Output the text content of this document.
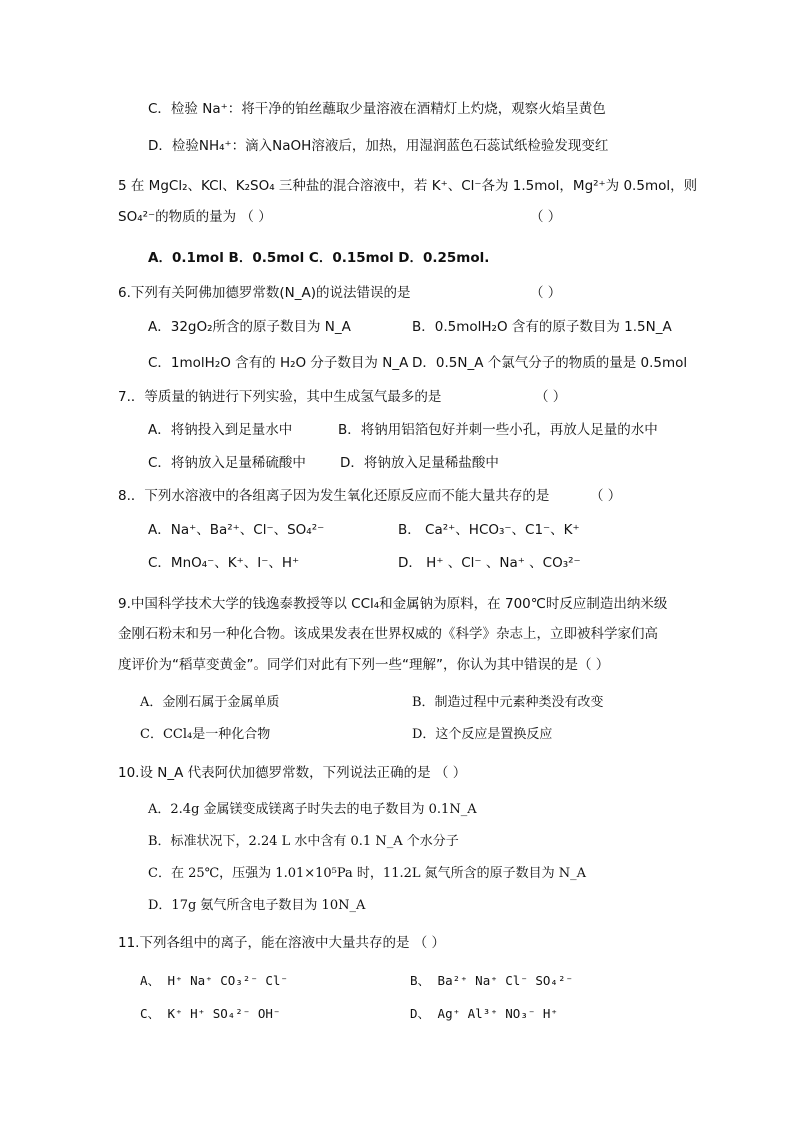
C．检验 Na⁺：将干净的铂丝蘸取少量溶液在酒精灯上灼烧，观察火焰呈黄色
D．检验NH₄⁺：滴入NaOH溶液后，加热，用湿润蓝色石蕊试纸检验发现变红
5 在 MgCl₂、KCl、K₂SO₄ 三种盐的混合溶液中，若 K⁺、Cl⁻各为 1.5mol，Mg²⁺为 0.5mol，则
SO₄²⁻的物质的量为 （ ）	（ ）
A．0.1mol B．0.5mol C．0.15mol D．0.25mol.
6.下列有关阿佛加德罗常数(N_A)的说法错误的是	（ ）
A．32gO₂所含的原子数目为 N_A	B．0.5molH₂O 含有的原子数目为 1.5N_A
C．1molH₂O 含有的 H₂O 分子数目为 N_A D．0.5N_A 个氯气分子的物质的量是 0.5mol
7.．等质量的钠进行下列实验，其中生成氢气最多的是	（ ）
A．将钠投入到足量水中	B．将钠用铝箔包好并刺一些小孔，再放人足量的水中
C．将钠放入足量稀硫酸中	D．将钠放入足量稀盐酸中
8.．下列水溶液中的各组离子因为发生氧化还原反应而不能大量共存的是	（ ）
A．Na⁺、Ba²⁺、Cl⁻、SO₄²⁻	B． Ca²⁺、HCO₃⁻、C1⁻、K⁺
C．MnO₄⁻、K⁺、I⁻、H⁺	D． H⁺ 、Cl⁻ 、Na⁺ 、CO₃²⁻
9.中国科学技术大学的钱逸泰教授等以 CCl₄和金属钠为原料，在 700℃时反应制造出纳米级
金刚石粉末和另一种化合物。该成果发表在世界权威的《科学》杂志上，立即被科学家们高
度评价为“稻草变黄金”。同学们对此有下列一些“理解”，你认为其中错误的是（ ）
A．金刚石属于金属单质	B．制造过程中元素种类没有改变
C．CCl₄是一种化合物	D．这个反应是置换反应
10.设 N_A 代表阿伏加德罗常数，下列说法正确的是 （ ）
A．2.4g 金属镁变成镁离子时失去的电子数目为 0.1N_A
B．标准状况下，2.24 L 水中含有 0.1 N_A 个水分子
C．在 25℃，压强为 1.01×10⁵Pa 时，11.2L 氮气所含的原子数目为 N_A
D．17g 氨气所含电子数目为 10N_A
11.下列各组中的离子，能在溶液中大量共存的是 （ ）
A、 H⁺ Na⁺ CO₃²⁻ Cl⁻	B、 Ba²⁺ Na⁺ Cl⁻ SO₄²⁻
C、 K⁺ H⁺ SO₄²⁻ OH⁻	D、 Ag⁺ Al³⁺ NO₃⁻ H⁺
